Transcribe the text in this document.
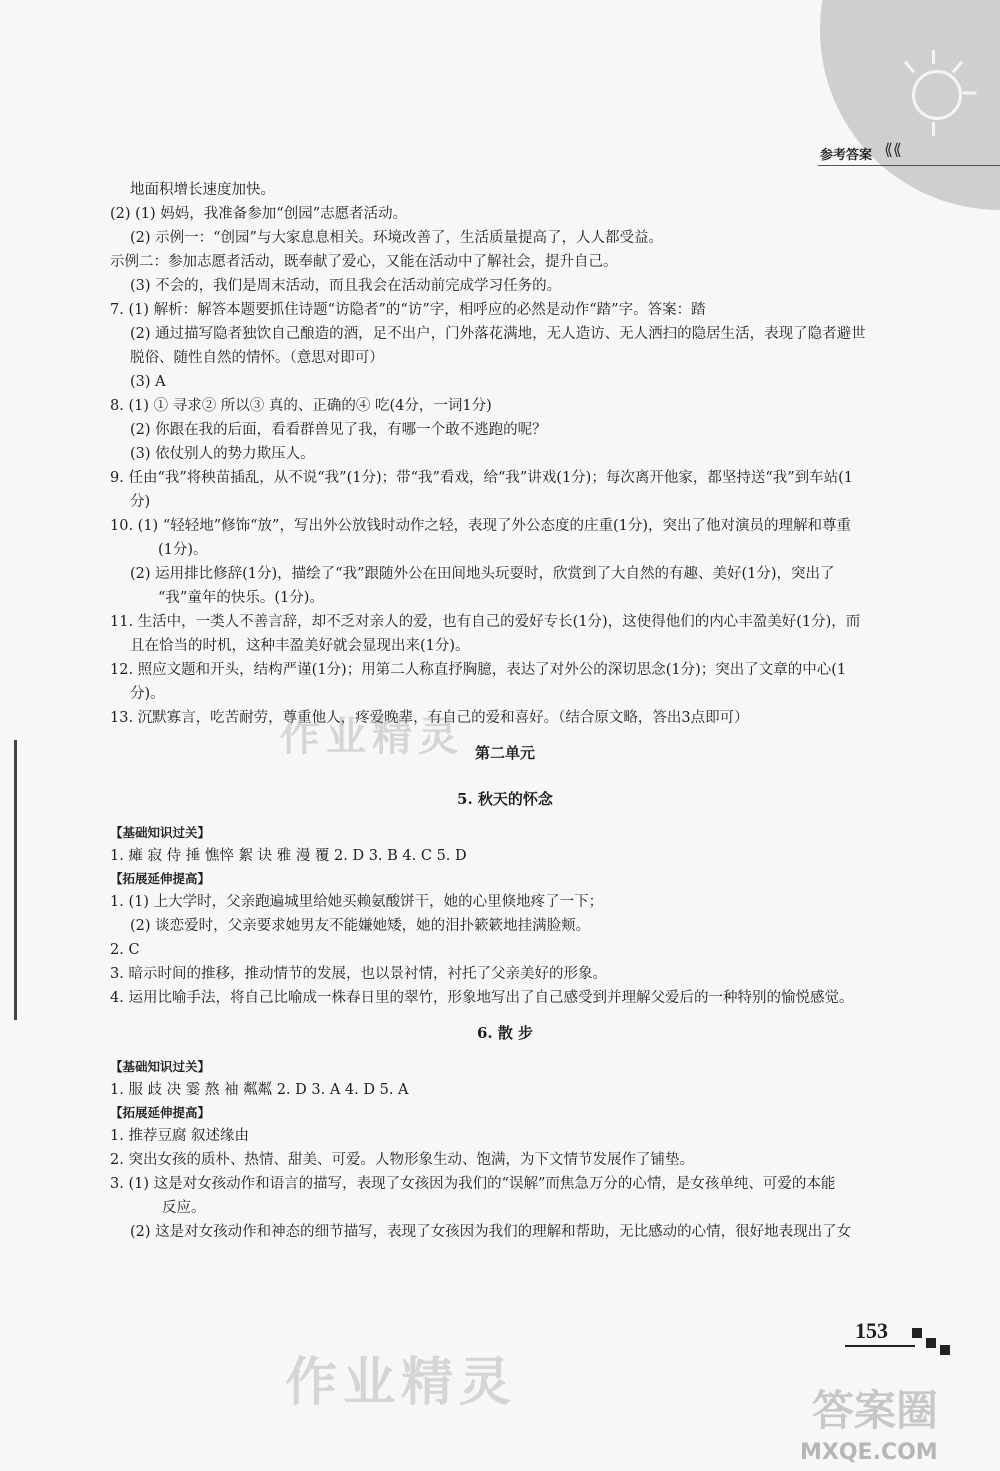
参考答案 ⟪⟪
地面积增长速度加快。
(2) (1) 妈妈，我准备参加“创园”志愿者活动。
(2) 示例一：“创园”与大家息息相关。环境改善了，生活质量提高了，人人都受益。
示例二：参加志愿者活动，既奉献了爱心，又能在活动中了解社会，提升自己。
(3) 不会的，我们是周末活动，而且我会在活动前完成学习任务的。
7. (1) 解析：解答本题要抓住诗题“访隐者”的“访”字，相呼应的必然是动作“踏”字。答案：踏
(2) 通过描写隐者独饮自己酿造的酒，足不出户，门外落花满地，无人造访、无人洒扫的隐居生活，表现了隐者避世
脱俗、随性自然的情怀。（意思对即可）
(3) A
8. (1) ① 寻求② 所以③ 真的、正确的④ 吃(4分，一词1分)
(2) 你跟在我的后面，看看群兽见了我，有哪一个敢不逃跑的呢？
(3) 依仗别人的势力欺压人。
9. 任由“我”将秧苗插乱，从不说“我”(1分)；带“我”看戏，给“我”讲戏(1分)；每次离开他家，都坚持送“我”到车站(1
分)
10. (1) “轻轻地”修饰“放”，写出外公放钱时动作之轻，表现了外公态度的庄重(1分)，突出了他对演员的理解和尊重
(1分)。
(2) 运用排比修辞(1分)，描绘了“我”跟随外公在田间地头玩耍时，欣赏到了大自然的有趣、美好(1分)，突出了
“我”童年的快乐。(1分)。
11. 生活中，一类人不善言辞，却不乏对亲人的爱，也有自己的爱好专长(1分)，这使得他们的内心丰盈美好(1分)，而
且在恰当的时机，这种丰盈美好就会显现出来(1分)。
12. 照应文题和开头，结构严谨(1分)；用第二人称直抒胸臆，表达了对外公的深切思念(1分)；突出了文章的中心(1
分)。
13. 沉默寡言，吃苦耐劳，尊重他人，疼爱晚辈，有自己的爱和喜好。（结合原文略，答出3点即可）
第二单元
5. 秋天的怀念
【基础知识过关】
1. 瘫 寂 侍 捶 憔悴 絮 诀 雅 漫 覆 2. D 3. B 4. C 5. D
【拓展延伸提高】
1. (1) 上大学时，父亲跑遍城里给她买赖氨酸饼干，她的心里倏地疼了一下；
(2) 谈恋爱时，父亲要求她男友不能嫌她矮，她的泪扑簌簌地挂满脸颊。
2. C
3. 暗示时间的推移，推动情节的发展，也以景衬情，衬托了父亲美好的形象。
4. 运用比喻手法，将自己比喻成一株春日里的翠竹，形象地写出了自己感受到并理解父爱后的一种特别的愉悦感觉。
6. 散 步
【基础知识过关】
1. 服 歧 决 霎 熬 袖 粼粼 2. D 3. A 4. D 5. A
【拓展延伸提高】
1. 推荐豆腐 叙述缘由
2. 突出女孩的质朴、热情、甜美、可爱。人物形象生动、饱满，为下文情节发展作了铺垫。
3. (1) 这是对女孩动作和语言的描写，表现了女孩因为我们的“误解”而焦急万分的心情，是女孩单纯、可爱的本能
反应。
(2) 这是对女孩动作和神态的细节描写，表现了女孩因为我们的理解和帮助，无比感动的心情，很好地表现出了女
作业精灵
作业精灵	答案圈
MXQE.COM
153
